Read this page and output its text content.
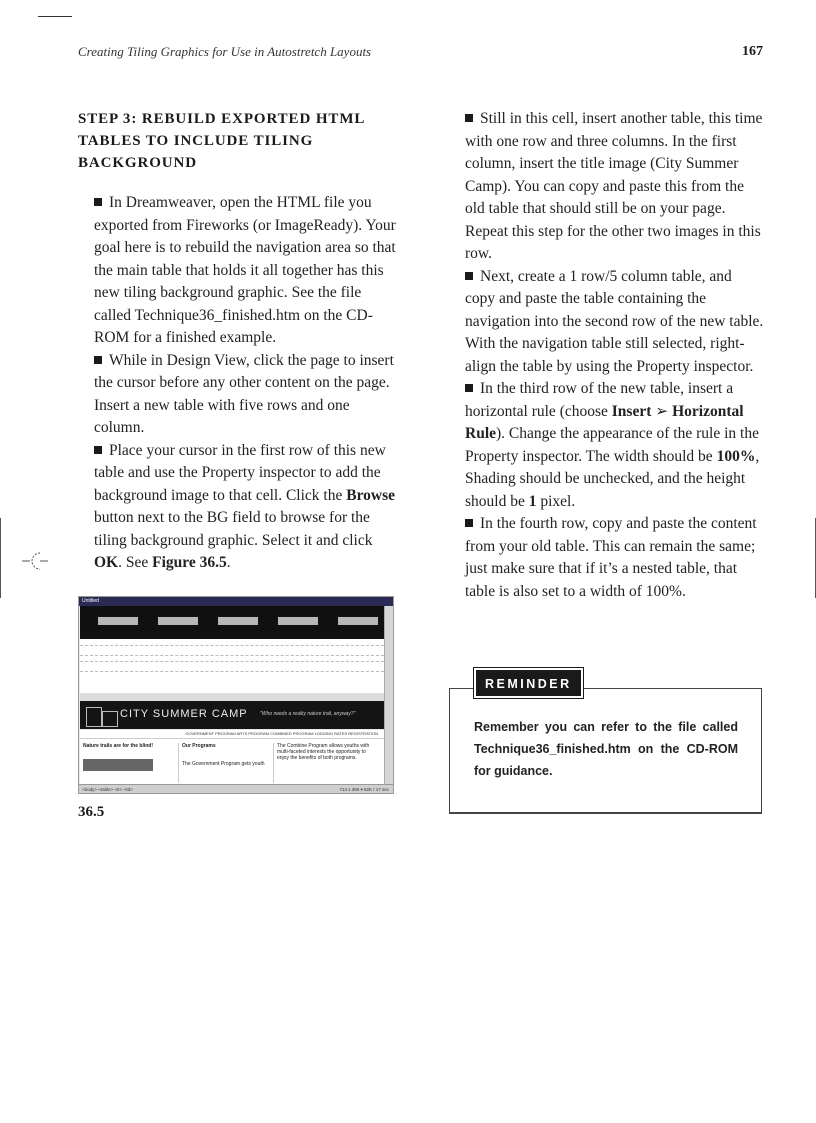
Creating Tiling Graphics for Use in Autostretch Layouts	167
STEP 3: REBUILD EXPORTED HTML TABLES TO INCLUDE TILING BACKGROUND

In Dreamweaver, open the HTML file you exported from Fireworks (or ImageReady). Your goal here is to rebuild the navigation area so that the main table that holds it all together has this new tiling background graphic. See the file called Technique36_finished.htm on the CD-ROM for a finished example.

While in Design View, click the page to insert the cursor before any other content on the page. Insert a new table with five rows and one column.

Place your cursor in the first row of this new table and use the Property inspector to add the background image to that cell. Click the Browse button next to the BG field to browse for the tiling background graphic. Select it and click OK. See Figure 36.5.

Still in this cell, insert another table, this time with one row and three columns. In the first column, insert the title image (City Summer Camp). You can copy and paste this from the old table that should still be on your page. Repeat this step for the other two images in this row.

Next, create a 1 row/5 column table, and copy and paste the table containing the navigation into the second row of the new table. With the navigation table still selected, right-align the table by using the Property inspector.

In the third row of the new table, insert a horizontal rule (choose Insert ➢ Horizontal Rule). Change the appearance of the rule in the Property inspector. The width should be 100%, Shading should be unchecked, and the height should be 1 pixel.

In the fourth row, copy and paste the content from your old table. This can remain the same; just make sure that if it’s a nested table, that table is also set to a width of 100%.

Untitled
CITY SUMMER CAMP "Who needs a reality nature trail, anyway?"
GOVERNMENT PROGRAM ARTS PROGRAM COMBINED PROGRAM LODGING RATES REGISTRATION
Nature trails are for the blind!	Our Programs
The Government Program gets youth
The Combine Program allows youths with multi-faceted interests the opportunity to enjoy the benefits of both programs.
<body> <table> <tr> <td>	714 x 390 ▾ 62K / 17 sec
36.5
REMINDER
Remember you can refer to the file called Technique36_finished.htm on the CD-ROM for guidance.
